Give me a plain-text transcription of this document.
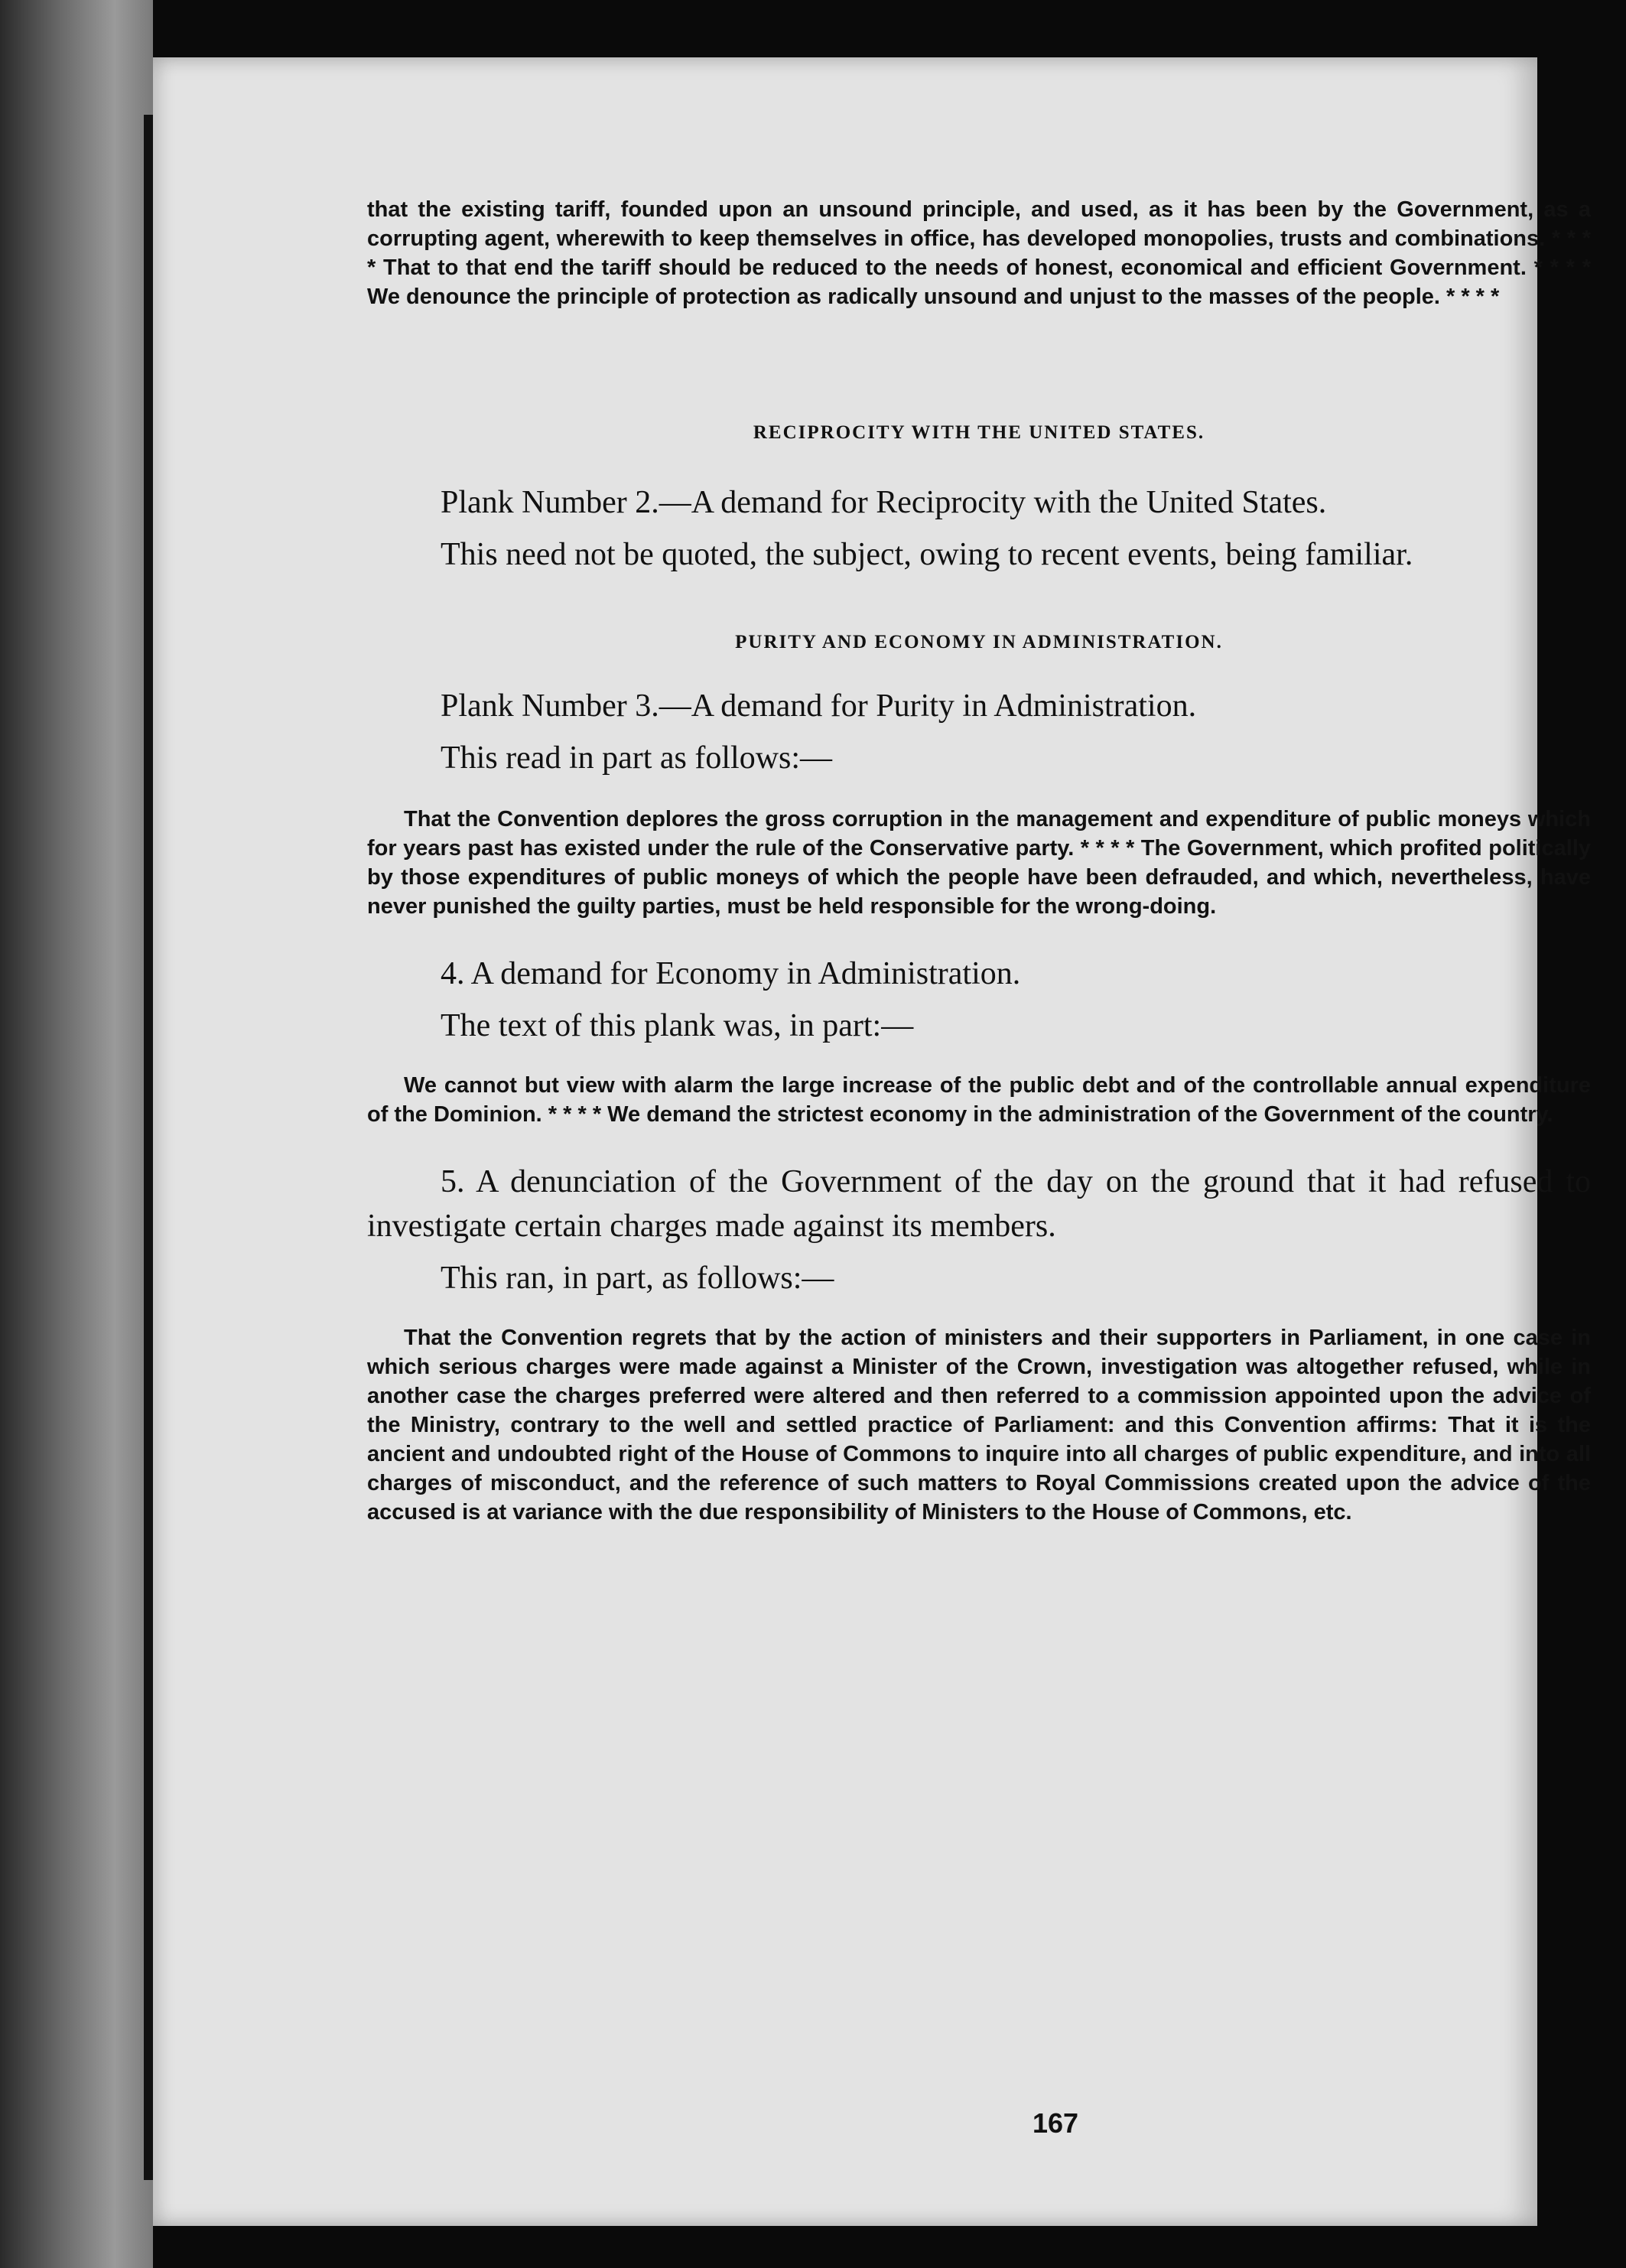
that the existing tariff, founded upon an unsound principle, and used, as it has been by the Government, as a corrupting agent, wherewith to keep themselves in office, has developed monopolies, trusts and combinations. * * * * That to that end the tariff should be reduced to the needs of honest, economical and efficient Government. * * * * We denounce the principle of protection as radically unsound and unjust to the masses of the people. * * * *

RECIPROCITY WITH THE UNITED STATES.

Plank Number 2.—A demand for Reciprocity with the United States.

This need not be quoted, the subject, owing to recent events, being familiar.

PURITY AND ECONOMY IN ADMINISTRATION.

Plank Number 3.—A demand for Purity in Administration.

This read in part as follows:—

That the Convention deplores the gross corruption in the management and expenditure of public moneys which for years past has existed under the rule of the Conservative party. * * * * The Government, which profited politically by those expenditures of public moneys of which the people have been defrauded, and which, nevertheless, have never punished the guilty parties, must be held responsible for the wrong-doing.

4. A demand for Economy in Administration.

The text of this plank was, in part:—

We cannot but view with alarm the large increase of the public debt and of the controllable annual expenditure of the Dominion. * * * * We demand the strictest economy in the administration of the Government of the country.

5. A denunciation of the Government of the day on the ground that it had refused to investigate certain charges made against its members.

This ran, in part, as follows:—

That the Convention regrets that by the action of ministers and their supporters in Parliament, in one case in which serious charges were made against a Minister of the Crown, investigation was altogether refused, while in another case the charges preferred were altered and then referred to a commission appointed upon the advice of the Ministry, contrary to the well and settled practice of Parliament: and this Convention affirms: That it is the ancient and undoubted right of the House of Commons to inquire into all charges of public expenditure, and into all charges of misconduct, and the reference of such matters to Royal Commissions created upon the advice of the accused is at variance with the due responsibility of Ministers to the House of Commons, etc.

167
